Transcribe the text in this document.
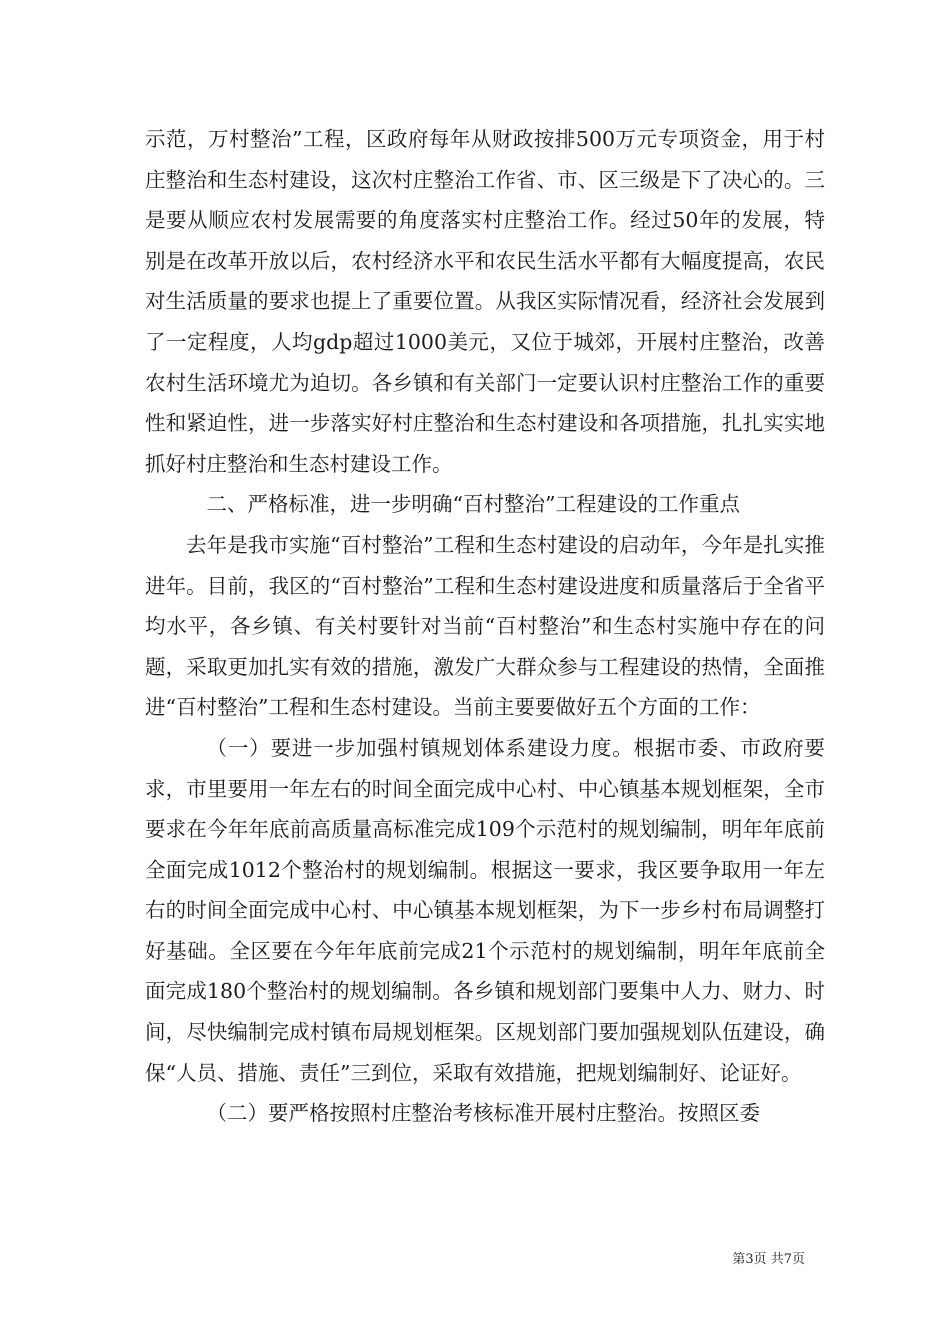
示范，万村整治”工程，区政府每年从财政按排500万元专项资金，用于村庄整治和生态村建设，这次村庄整治工作省、市、区三级是下了决心的。三是要从顺应农村发展需要的角度落实村庄整治工作。经过50年的发展，特别是在改革开放以后，农村经济水平和农民生活水平都有大幅度提高，农民对生活质量的要求也提上了重要位置。从我区实际情况看，经济社会发展到了一定程度，人均gdp超过1000美元，又位于城郊，开展村庄整治，改善农村生活环境尤为迫切。各乡镇和有关部门一定要认识村庄整治工作的重要性和紧迫性，进一步落实好村庄整治和生态村建设和各项措施，扎扎实实地抓好村庄整治和生态村建设工作。

二、严格标准，进一步明确“百村整治”工程建设的工作重点

去年是我市实施“百村整治”工程和生态村建设的启动年，今年是扎实推进年。目前，我区的“百村整治”工程和生态村建设进度和质量落后于全省平均水平，各乡镇、有关村要针对当前“百村整治”和生态村实施中存在的问题，采取更加扎实有效的措施，激发广大群众参与工程建设的热情，全面推进“百村整治”工程和生态村建设。当前主要要做好五个方面的工作：

（一）要进一步加强村镇规划体系建设力度。根据市委、市政府要求，市里要用一年左右的时间全面完成中心村、中心镇基本规划框架，全市要求在今年年底前高质量高标准完成109个示范村的规划编制，明年年底前全面完成1012个整治村的规划编制。根据这一要求，我区要争取用一年左右的时间全面完成中心村、中心镇基本规划框架，为下一步乡村布局调整打好基础。全区要在今年年底前完成21个示范村的规划编制，明年年底前全面完成180个整治村的规划编制。各乡镇和规划部门要集中人力、财力、时间，尽快编制完成村镇布局规划框架。区规划部门要加强规划队伍建设，确保“人员、措施、责任”三到位，采取有效措施，把规划编制好、论证好。

（二）要严格按照村庄整治考核标准开展村庄整治。按照区委

第3页 共7页
